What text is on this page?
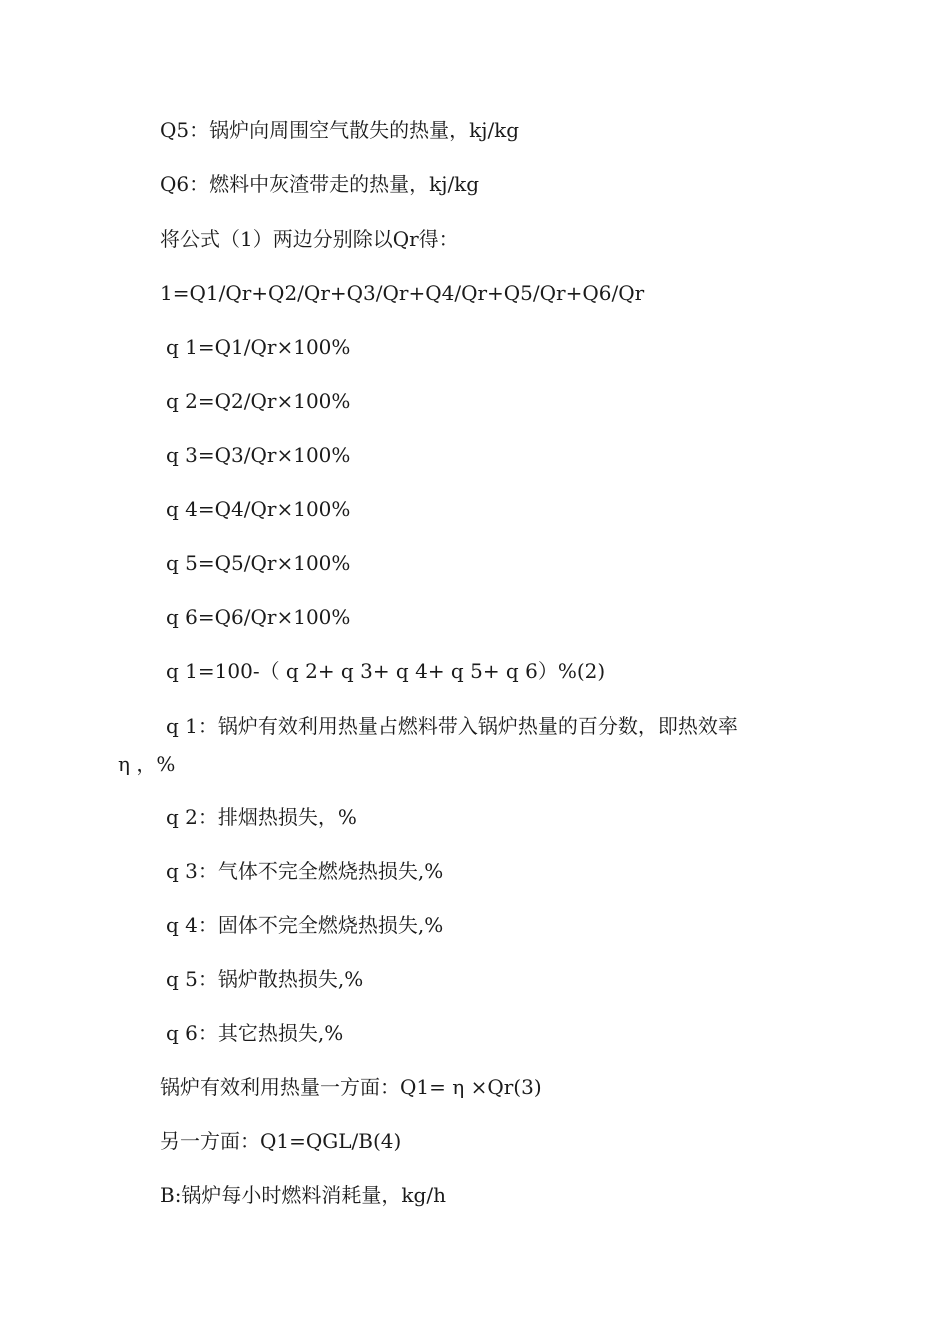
Q5：锅炉向周围空气散失的热量，kj/kg
Q6：燃料中灰渣带走的热量，kj/kg
将公式（1）两边分别除以Qr得：
1=Q1/Qr+Q2/Qr+Q3/Qr+Q4/Qr+Q5/Qr+Q6/Qr
q 1=Q1/Qr×100%
q 2=Q2/Qr×100%
q 3=Q3/Qr×100%
q 4=Q4/Qr×100%
q 5=Q5/Qr×100%
q 6=Q6/Qr×100%
q 1=100-（ q 2+ q 3+ q 4+ q 5+ q 6）%(2)
q 1：锅炉有效利用热量占燃料带入锅炉热量的百分数，即热效率
η ，%
q 2：排烟热损失，%
q 3：气体不完全燃烧热损失,%
q 4：固体不完全燃烧热损失,%
q 5：锅炉散热损失,%
q 6：其它热损失,%
锅炉有效利用热量一方面：Q1= η ×Qr(3)
另一方面：Q1=QGL/B(4)
B:锅炉每小时燃料消耗量，kg/h
